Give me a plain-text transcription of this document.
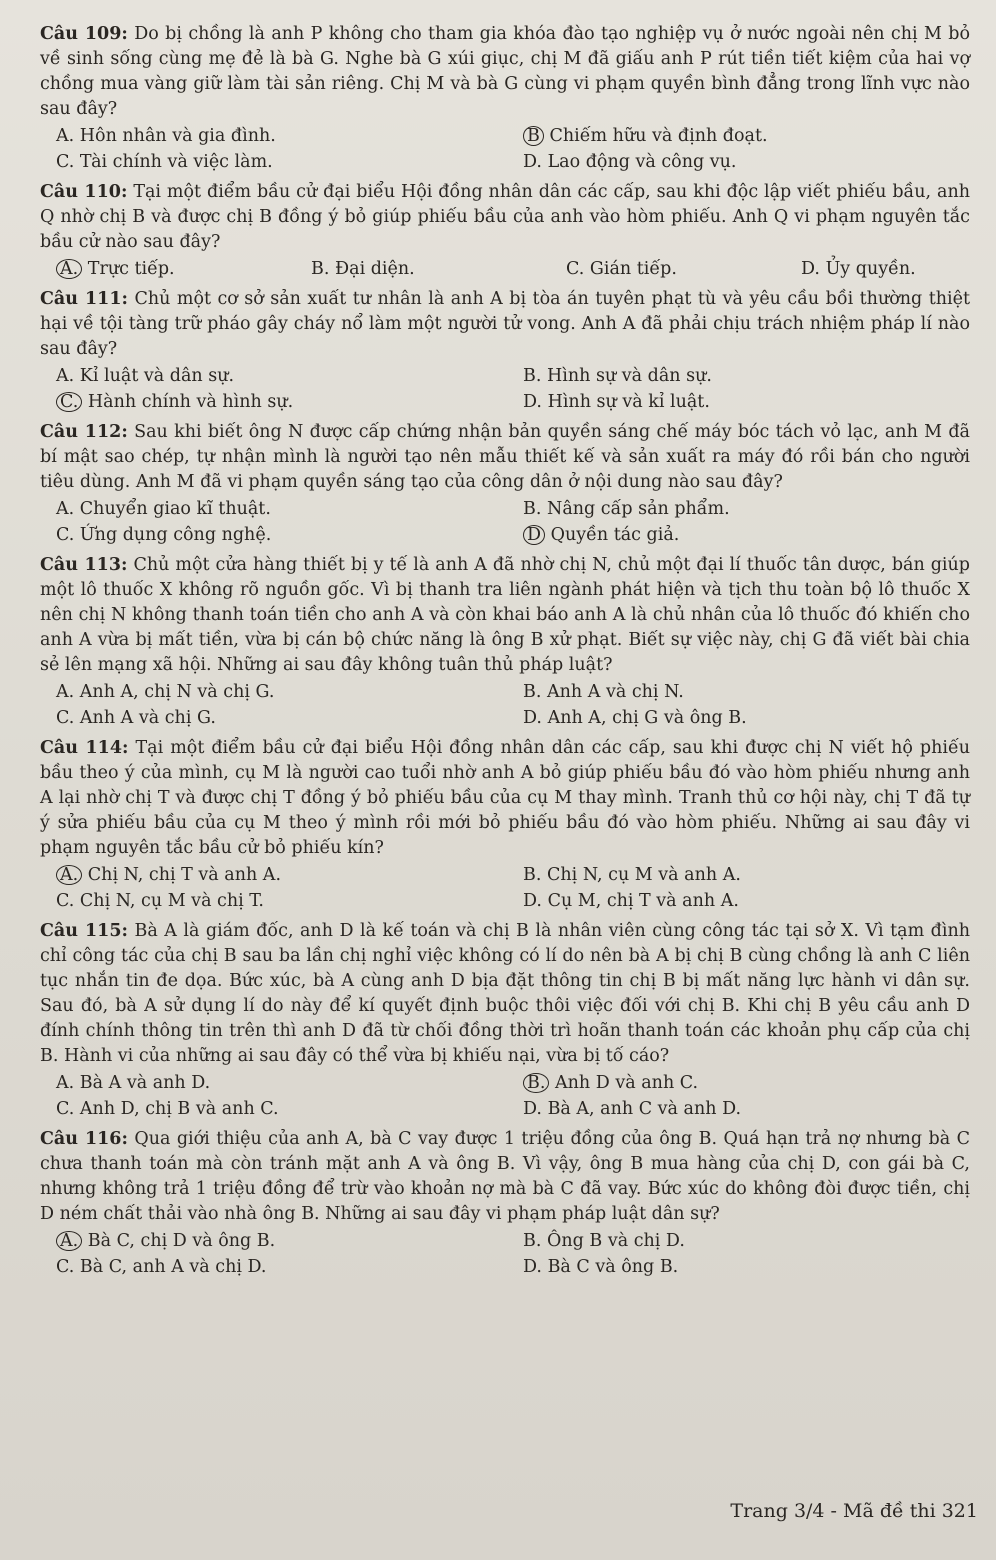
Câu 109: Do bị chồng là anh P không cho tham gia khóa đào tạo nghiệp vụ ở nước ngoài nên chị M bỏ về sinh sống cùng mẹ đẻ là bà G. Nghe bà G xúi giục, chị M đã giấu anh P rút tiền tiết kiệm của hai vợ chồng mua vàng giữ làm tài sản riêng. Chị M và bà G cùng vi phạm quyền bình đẳng trong lĩnh vực nào sau đây?

A. Hôn nhân và gia đình.	B Chiếm hữu và định đoạt.
C. Tài chính và việc làm.	D. Lao động và công vụ.

Câu 110: Tại một điểm bầu cử đại biểu Hội đồng nhân dân các cấp, sau khi độc lập viết phiếu bầu, anh Q nhờ chị B và được chị B đồng ý bỏ giúp phiếu bầu của anh vào hòm phiếu. Anh Q vi phạm nguyên tắc bầu cử nào sau đây?

A. Trực tiếp.	B. Đại diện.	C. Gián tiếp.	D. Ủy quyền.

Câu 111: Chủ một cơ sở sản xuất tư nhân là anh A bị tòa án tuyên phạt tù và yêu cầu bồi thường thiệt hại về tội tàng trữ pháo gây cháy nổ làm một người tử vong. Anh A đã phải chịu trách nhiệm pháp lí nào sau đây?

A. Kỉ luật và dân sự.	B. Hình sự và dân sự.
C. Hành chính và hình sự.	D. Hình sự và kỉ luật.

Câu 112: Sau khi biết ông N được cấp chứng nhận bản quyền sáng chế máy bóc tách vỏ lạc, anh M đã bí mật sao chép, tự nhận mình là người tạo nên mẫu thiết kế và sản xuất ra máy đó rồi bán cho người tiêu dùng. Anh M đã vi phạm quyền sáng tạo của công dân ở nội dung nào sau đây?

A. Chuyển giao kĩ thuật.	B. Nâng cấp sản phẩm.
C. Ứng dụng công nghệ.	D Quyền tác giả.

Câu 113: Chủ một cửa hàng thiết bị y tế là anh A đã nhờ chị N, chủ một đại lí thuốc tân dược, bán giúp một lô thuốc X không rõ nguồn gốc. Vì bị thanh tra liên ngành phát hiện và tịch thu toàn bộ lô thuốc X nên chị N không thanh toán tiền cho anh A và còn khai báo anh A là chủ nhân của lô thuốc đó khiến cho anh A vừa bị mất tiền, vừa bị cán bộ chức năng là ông B xử phạt. Biết sự việc này, chị G đã viết bài chia sẻ lên mạng xã hội. Những ai sau đây không tuân thủ pháp luật?

A. Anh A, chị N và chị G.	B. Anh A và chị N.
C. Anh A và chị G.	D. Anh A, chị G và ông B.

Câu 114: Tại một điểm bầu cử đại biểu Hội đồng nhân dân các cấp, sau khi được chị N viết hộ phiếu bầu theo ý của mình, cụ M là người cao tuổi nhờ anh A bỏ giúp phiếu bầu đó vào hòm phiếu nhưng anh A lại nhờ chị T và được chị T đồng ý bỏ phiếu bầu của cụ M thay mình. Tranh thủ cơ hội này, chị T đã tự ý sửa phiếu bầu của cụ M theo ý mình rồi mới bỏ phiếu bầu đó vào hòm phiếu. Những ai sau đây vi phạm nguyên tắc bầu cử bỏ phiếu kín?

A. Chị N, chị T và anh A.	B. Chị N, cụ M và anh A.
C. Chị N, cụ M và chị T.	D. Cụ M, chị T và anh A.

Câu 115: Bà A là giám đốc, anh D là kế toán và chị B là nhân viên cùng công tác tại sở X. Vì tạm đình chỉ công tác của chị B sau ba lần chị nghỉ việc không có lí do nên bà A bị chị B cùng chồng là anh C liên tục nhắn tin đe dọa. Bức xúc, bà A cùng anh D bịa đặt thông tin chị B bị mất năng lực hành vi dân sự. Sau đó, bà A sử dụng lí do này để kí quyết định buộc thôi việc đối với chị B. Khi chị B yêu cầu anh D đính chính thông tin trên thì anh D đã từ chối đồng thời trì hoãn thanh toán các khoản phụ cấp của chị B. Hành vi của những ai sau đây có thể vừa bị khiếu nại, vừa bị tố cáo?

A. Bà A và anh D.	B. Anh D và anh C.
C. Anh D, chị B và anh C.	D. Bà A, anh C và anh D.

Câu 116: Qua giới thiệu của anh A, bà C vay được 1 triệu đồng của ông B. Quá hạn trả nợ nhưng bà C chưa thanh toán mà còn tránh mặt anh A và ông B. Vì vậy, ông B mua hàng của chị D, con gái bà C, nhưng không trả 1 triệu đồng để trừ vào khoản nợ mà bà C đã vay. Bức xúc do không đòi được tiền, chị D ném chất thải vào nhà ông B. Những ai sau đây vi phạm pháp luật dân sự?

A. Bà C, chị D và ông B.	B. Ông B và chị D.
C. Bà C, anh A và chị D.	D. Bà C và ông B.
Trang 3/4 - Mã đề thi 321
